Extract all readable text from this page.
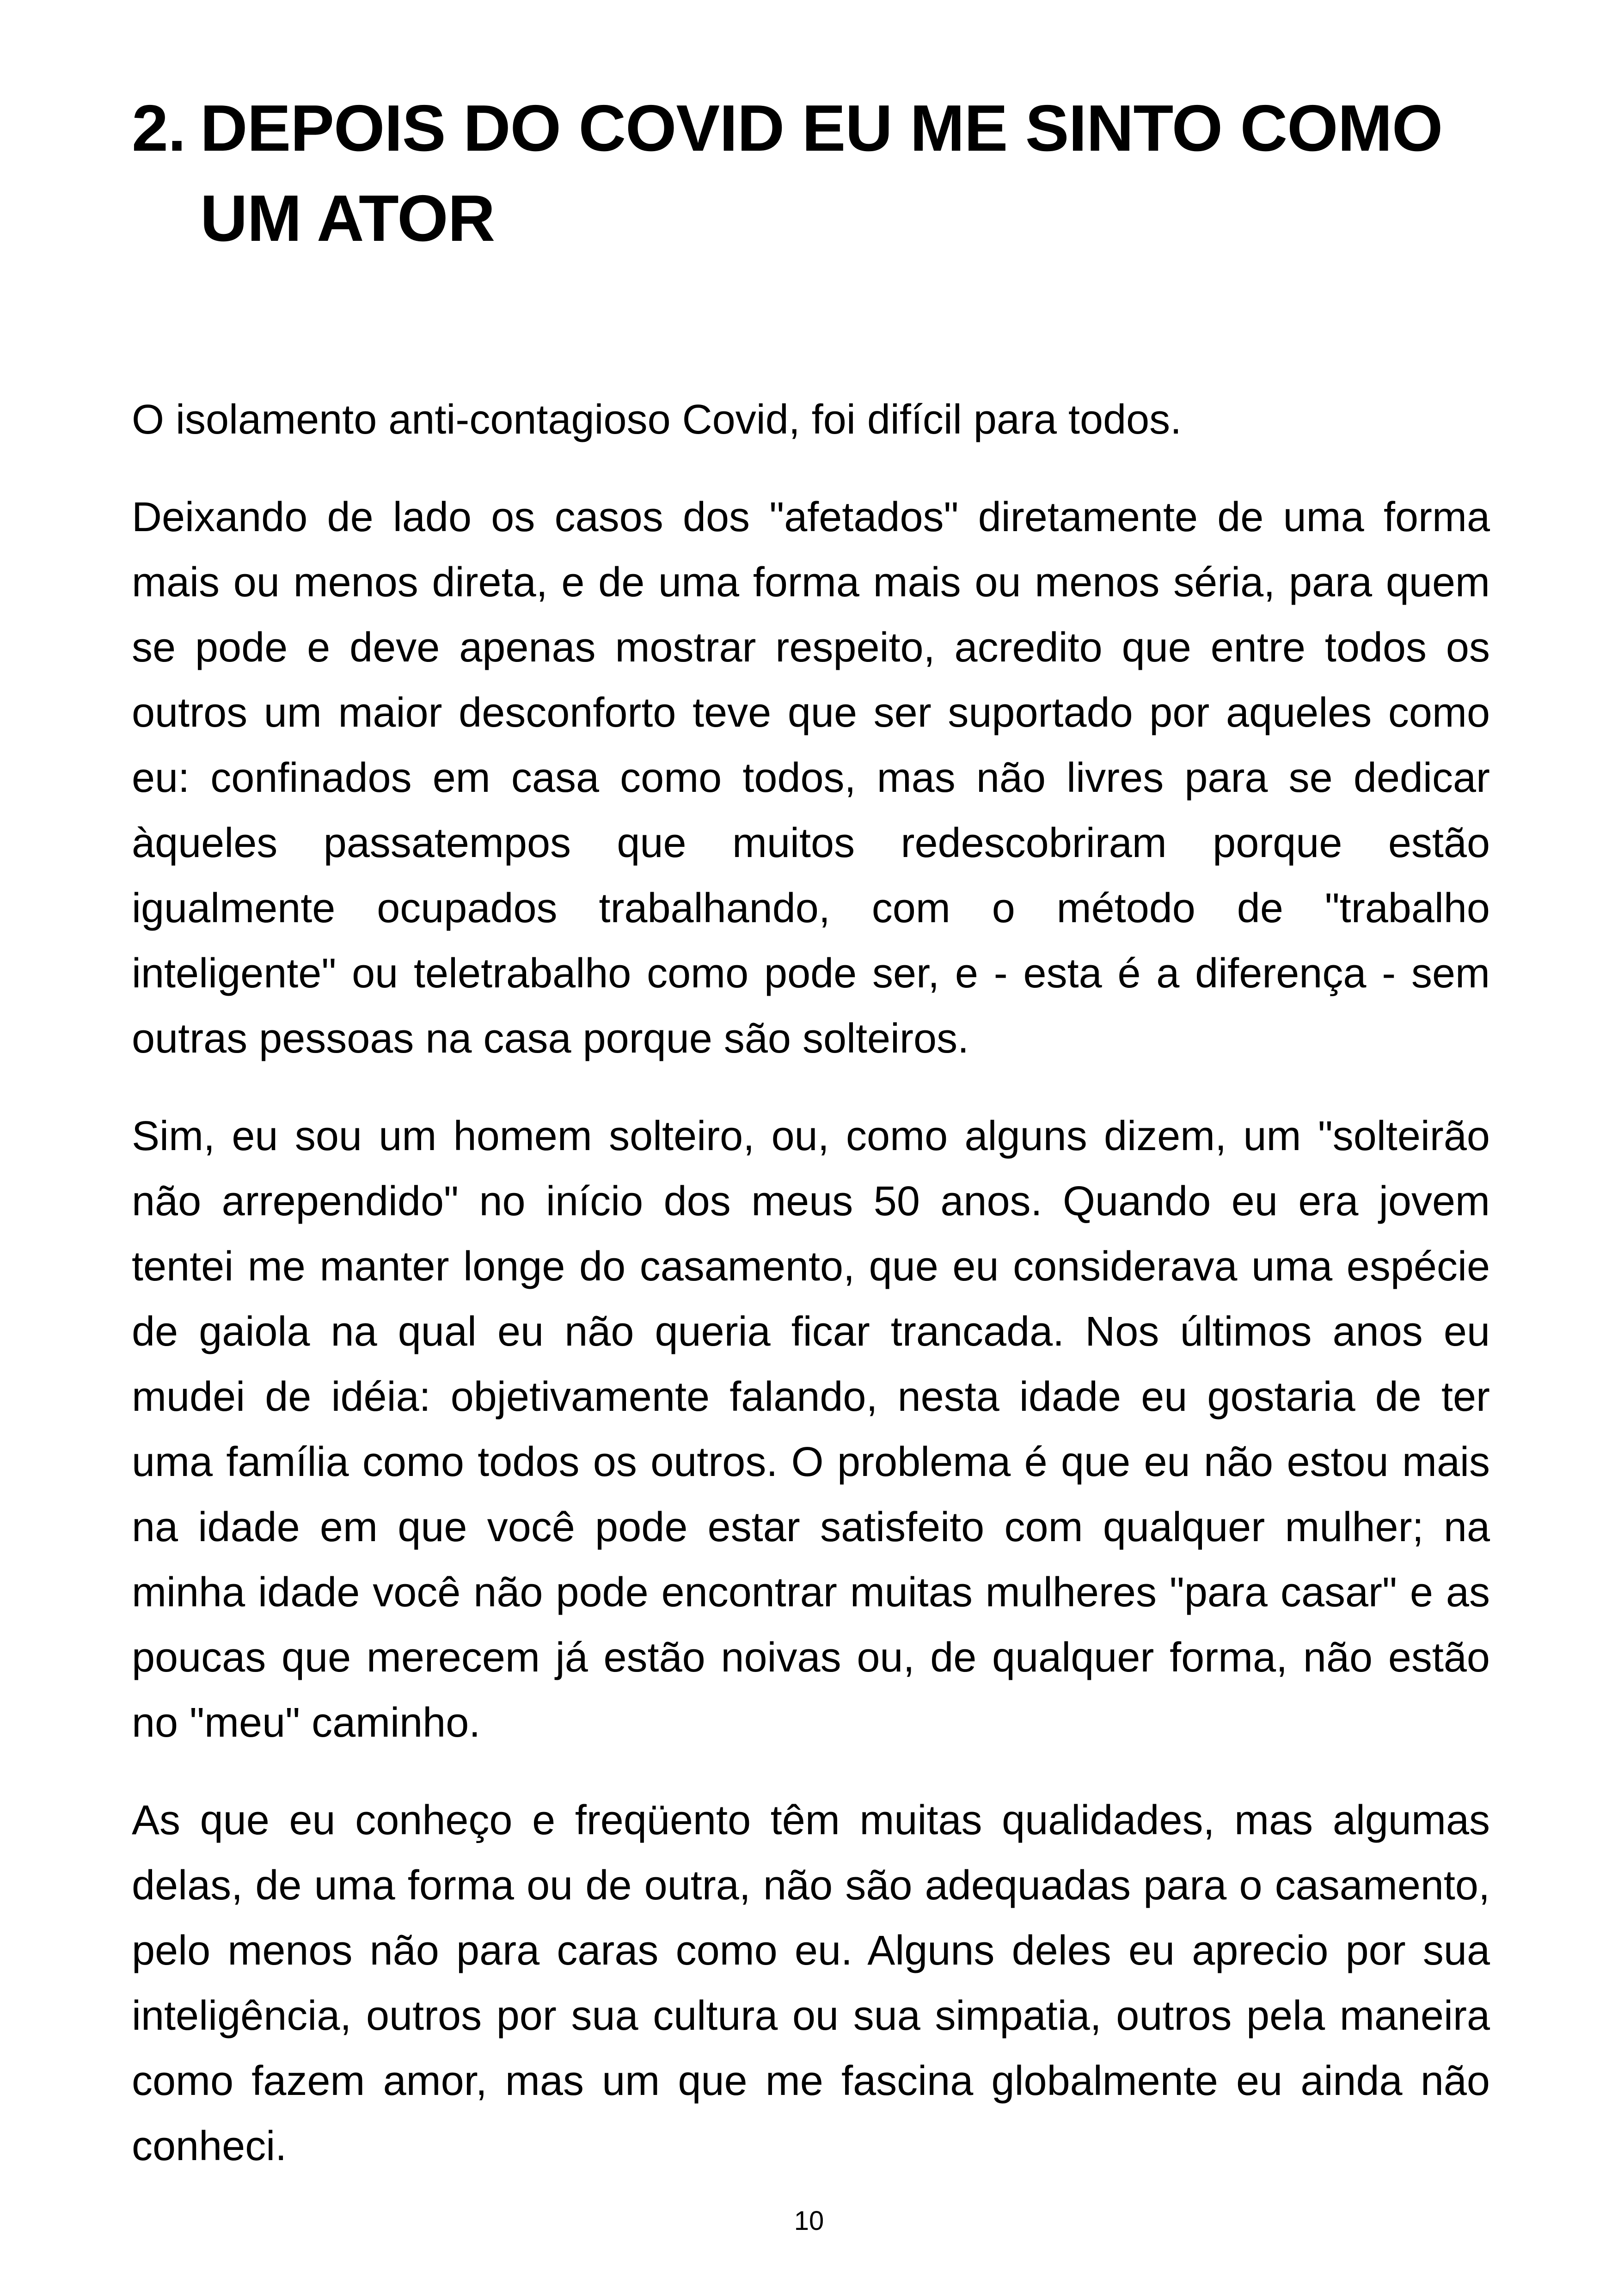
2. DEPOIS DO COVID EU ME SINTO COMO UM ATOR

O isolamento anti-contagioso Covid, foi difícil para todos.

Deixando de lado os casos dos "afetados" diretamente de uma forma mais ou menos direta, e de uma forma mais ou menos séria, para quem se pode e deve apenas mostrar respeito, acredito que entre todos os outros um maior desconforto teve que ser suportado por aqueles como eu: confinados em casa como todos, mas não livres para se dedicar àqueles passatempos que muitos redescobriram porque estão igualmente ocupados trabalhando, com o método de "trabalho inteligente" ou teletrabalho como pode ser, e - esta é a diferença - sem outras pessoas na casa porque são solteiros.

Sim, eu sou um homem solteiro, ou, como alguns dizem, um "solteirão não arrependido" no início dos meus 50 anos. Quando eu era jovem tentei me manter longe do casamento, que eu considerava uma espécie de gaiola na qual eu não queria ficar trancada. Nos últimos anos eu mudei de idéia: objetivamente falando, nesta idade eu gostaria de ter uma família como todos os outros. O problema é que eu não estou mais na idade em que você pode estar satisfeito com qualquer mulher; na minha idade você não pode encontrar muitas mulheres "para casar" e as poucas que merecem já estão noivas ou, de qualquer forma, não estão no "meu" caminho.

As que eu conheço e freqüento têm muitas qualidades, mas algumas delas, de uma forma ou de outra, não são adequadas para o casamento, pelo menos não para caras como eu. Alguns deles eu aprecio por sua inteligência, outros por sua cultura ou sua simpatia, outros pela maneira como fazem amor, mas um que me fascina globalmente eu ainda não conheci.

10
